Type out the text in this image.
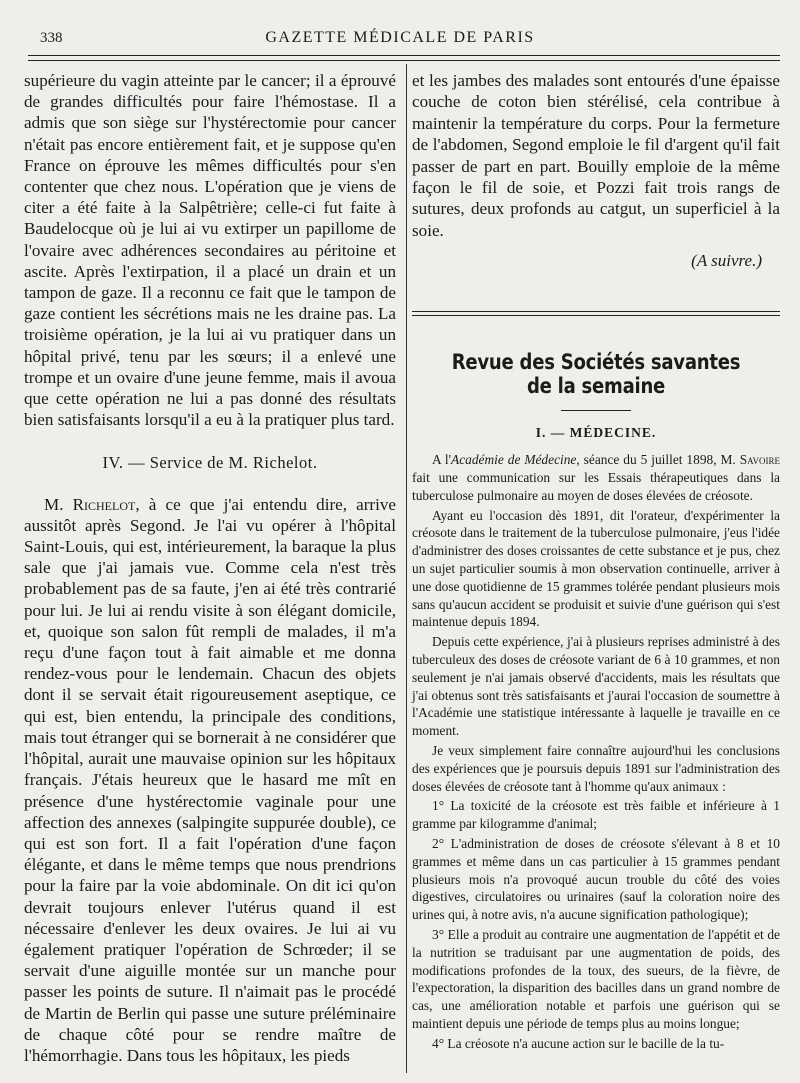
338	GAZETTE MÉDICALE DE PARIS

supérieure du vagin atteinte par le cancer; il a éprouvé de grandes difficultés pour faire l'hémostase. Il a admis que son siège sur l'hystérectomie pour cancer n'était pas encore entièrement fait, et je suppose qu'en France on éprouve les mêmes difficultés pour s'en contenter que chez nous. L'opération que je viens de citer a été faite à la Salpêtrière; celle-ci fut faite à Baudelocque où je lui ai vu extirper un papillome de l'ovaire avec adhérences secondaires au péritoine et ascite. Après l'extirpation, il a placé un drain et un tampon de gaze. Il a reconnu ce fait que le tampon de gaze contient les sécrétions mais ne les draine pas. La troisième opération, je la lui ai vu pratiquer dans un hôpital privé, tenu par les sœurs; il a enlevé une trompe et un ovaire d'une jeune femme, mais il avoua que cette opération ne lui a pas donné des résultats bien satisfaisants lorsqu'il a eu à la pratiquer plus tard.

IV. — Service de M. Richelot.

M. Richelot, à ce que j'ai entendu dire, arrive aussitôt après Segond. Je l'ai vu opérer à l'hôpital Saint-Louis, qui est, intérieurement, la baraque la plus sale que j'ai jamais vue. Comme cela n'est très probablement pas de sa faute, j'en ai été très contrarié pour lui. Je lui ai rendu visite à son élégant domicile, et, quoique son salon fût rempli de malades, il m'a reçu d'une façon tout à fait aimable et me donna rendez-vous pour le lendemain. Chacun des objets dont il se servait était rigoureusement aseptique, ce qui est, bien entendu, la principale des conditions, mais tout étranger qui se bornerait à ne considérer que l'hôpital, aurait une mauvaise opinion sur les hôpitaux français. J'étais heureux que le hasard me mît en présence d'une hystérectomie vaginale pour une affection des annexes (salpingite suppurée double), ce qui est son fort. Il a fait l'opération d'une façon élégante, et dans le même temps que nous prendrions pour la faire par la voie abdominale. On dit ici qu'on devrait toujours enlever l'utérus quand il est nécessaire d'enlever les deux ovaires. Je lui ai vu également pratiquer l'opération de Schrœder; il se servait d'une aiguille montée sur un manche pour passer les points de suture. Il n'aimait pas le procédé de Martin de Berlin qui passe une suture préléminaire de chaque côté pour se rendre maître de l'hémorrhagie. Dans tous les hôpitaux, les pieds

et les jambes des malades sont entourés d'une épaisse couche de coton bien stérélisé, cela contribue à maintenir la température du corps. Pour la fermeture de l'abdomen, Segond emploie le fil d'argent qu'il fait passer de part en part. Bouilly emploie de la même façon le fil de soie, et Pozzi fait trois rangs de sutures, deux profonds au catgut, un superficiel à la soie.

(A suivre.)
Revue des Sociétés savantes de la semaine
I. — MÉDECINE.

A l'Académie de Médecine, séance du 5 juillet 1898, M. Savoire fait une communication sur les Essais thérapeutiques dans la tuberculose pulmonaire au moyen de doses élevées de créosote.

Ayant eu l'occasion dès 1891, dit l'orateur, d'expérimenter la créosote dans le traitement de la tuberculose pulmonaire, j'eus l'idée d'administrer des doses croissantes de cette substance et je pus, chez un sujet particulier soumis à mon observation continuelle, arriver à une dose quotidienne de 15 grammes tolérée pendant plusieurs mois sans qu'aucun accident se produisit et suivie d'une guérison qui s'est maintenue depuis 1894.

Depuis cette expérience, j'ai à plusieurs reprises administré à des tuberculeux des doses de créosote variant de 6 à 10 grammes, et non seulement je n'ai jamais observé d'accidents, mais les résultats que j'ai obtenus sont très satisfaisants et j'aurai l'occasion de soumettre à l'Académie une statistique intéressante à laquelle je travaille en ce moment.

Je veux simplement faire connaître aujourd'hui les conclusions des expériences que je poursuis depuis 1891 sur l'administration des doses élevées de créosote tant à l'homme qu'aux animaux :

1° La toxicité de la créosote est très faible et inférieure à 1 gramme par kilogramme d'animal;

2° L'administration de doses de créosote s'élevant à 8 et 10 grammes et même dans un cas particulier à 15 grammes pendant plusieurs mois n'a provoqué aucun trouble du côté des voies digestives, circulatoires ou urinaires (sauf la coloration noire des urines qui, à notre avis, n'a aucune signification pathologique);

3° Elle a produit au contraire une augmentation de l'appétit et de la nutrition se traduisant par une augmentation de poids, des modifications profondes de la toux, des sueurs, de la fièvre, de l'expectoration, la disparition des bacilles dans un grand nombre de cas, une amélioration notable et parfois une guérison qui se maintient depuis une période de temps plus au moins longue;

4° La créosote n'a aucune action sur le bacille de la tu-
